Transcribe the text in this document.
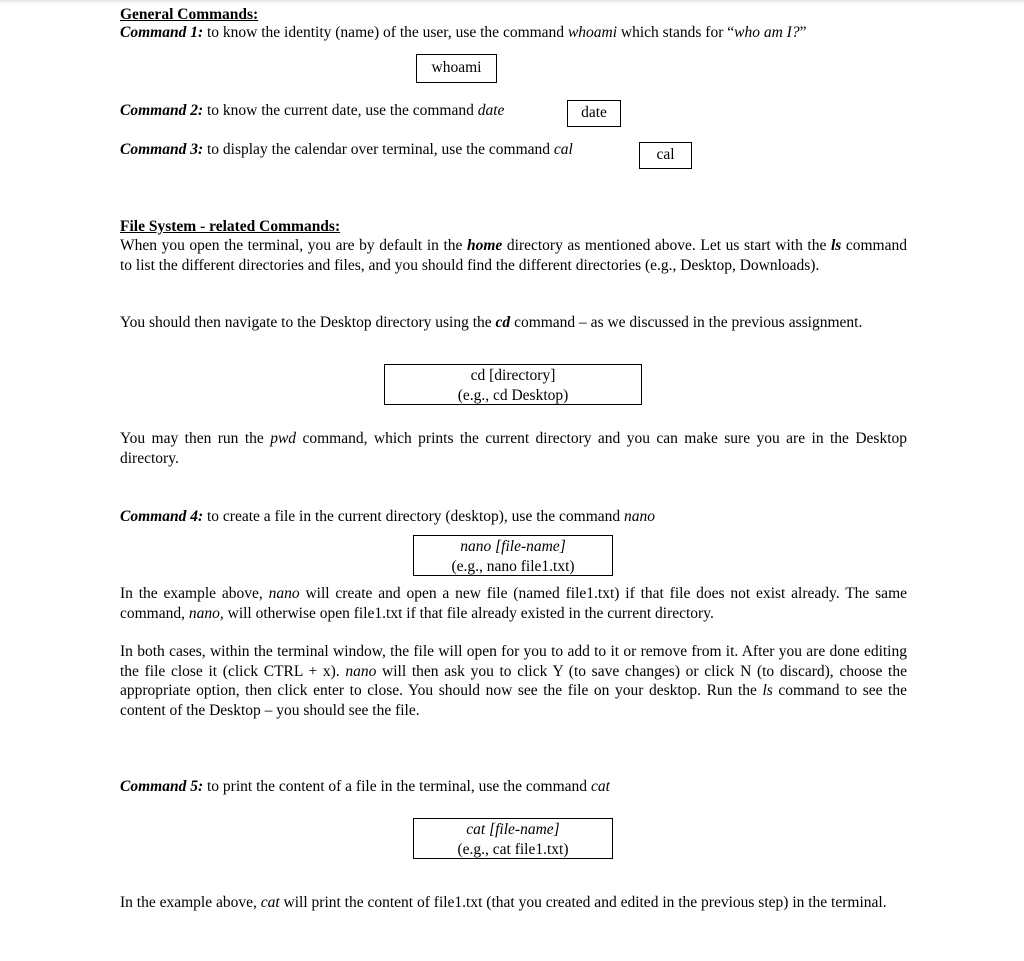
General Commands:
Command 1: to know the identity (name) of the user, use the command whoami which stands for “who am I?”
whoami
Command 2: to know the current date, use the command date	date
Command 3: to display the calendar over terminal, use the command cal	cal
File System - related Commands:
When you open the terminal, you are by default in the home directory as mentioned above. Let us start with the ls command to list the different directories and files, and you should find the different directories (e.g., Desktop, Downloads).
You should then navigate to the Desktop directory using the cd command – as we discussed in the previous assignment.
cd [directory]
(e.g., cd Desktop)
You may then run the pwd command, which prints the current directory and you can make sure you are in the Desktop directory.
Command 4: to create a file in the current directory (desktop), use the command nano
nano [file-name]
(e.g., nano file1.txt)
In the example above, nano will create and open a new file (named file1.txt) if that file does not exist already. The same command, nano, will otherwise open file1.txt if that file already existed in the current directory.
In both cases, within the terminal window, the file will open for you to add to it or remove from it. After you are done editing the file close it (click CTRL + x). nano will then ask you to click Y (to save changes) or click N (to discard), choose the appropriate option, then click enter to close. You should now see the file on your desktop. Run the ls command to see the content of the Desktop – you should see the file.
Command 5: to print the content of a file in the terminal, use the command cat
cat [file-name]
(e.g., cat file1.txt)
In the example above, cat will print the content of file1.txt (that you created and edited in the previous step) in the terminal.
